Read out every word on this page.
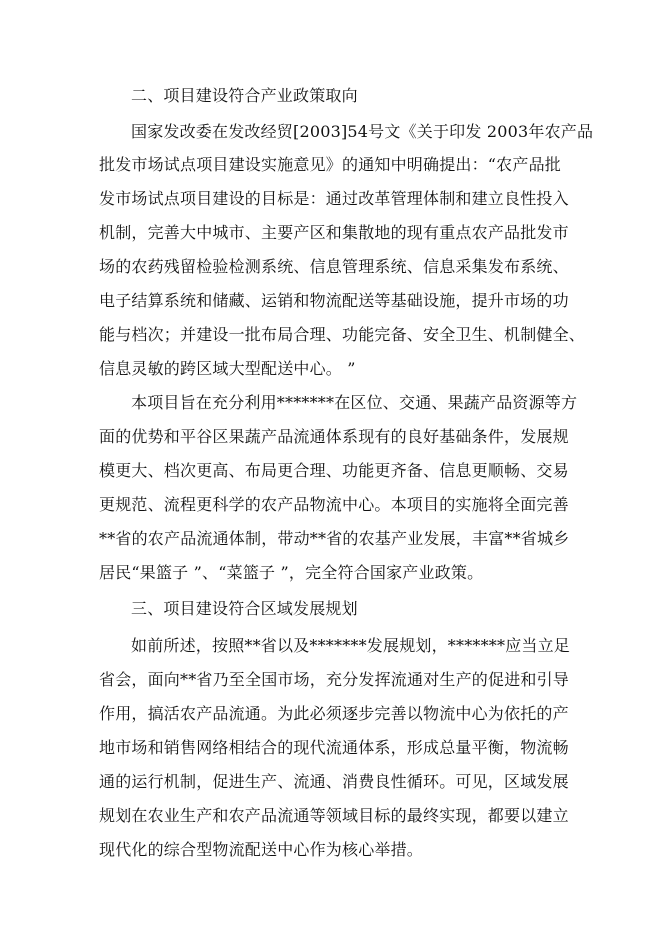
二、项目建设符合产业政策取向
国家发改委在发改经贸[2003]54号文《关于印发 2003年农产品
批发市场试点项目建设实施意见》的通知中明确提出：“农产品批
发市场试点项目建设的目标是：通过改革管理体制和建立良性投入
机制，完善大中城市、主要产区和集散地的现有重点农产品批发市
场的农药残留检验检测系统、信息管理系统、信息采集发布系统、
电子结算系统和储藏、运销和物流配送等基础设施，提升市场的功
能与档次；并建设一批布局合理、功能完备、安全卫生、机制健全、
信息灵敏的跨区域大型配送中心。 ”
本项目旨在充分利用*******在区位、交通、果蔬产品资源等方
面的优势和平谷区果蔬产品流通体系现有的良好基础条件，发展规
模更大、档次更高、布局更合理、功能更齐备、信息更顺畅、交易
更规范、流程更科学的农产品物流中心。本项目的实施将全面完善
**省的农产品流通体制，带动**省的农基产业发展，丰富**省城乡
居民“果篮子 ”、“菜篮子 ”，完全符合国家产业政策。
三、项目建设符合区域发展规划
如前所述，按照**省以及*******发展规划，*******应当立足
省会，面向**省乃至全国市场，充分发挥流通对生产的促进和引导
作用，搞活农产品流通。为此必须逐步完善以物流中心为依托的产
地市场和销售网络相结合的现代流通体系，形成总量平衡，物流畅
通的运行机制，促进生产、流通、消费良性循环。可见，区域发展
规划在农业生产和农产品流通等领域目标的最终实现，都要以建立
现代化的综合型物流配送中心作为核心举措。
